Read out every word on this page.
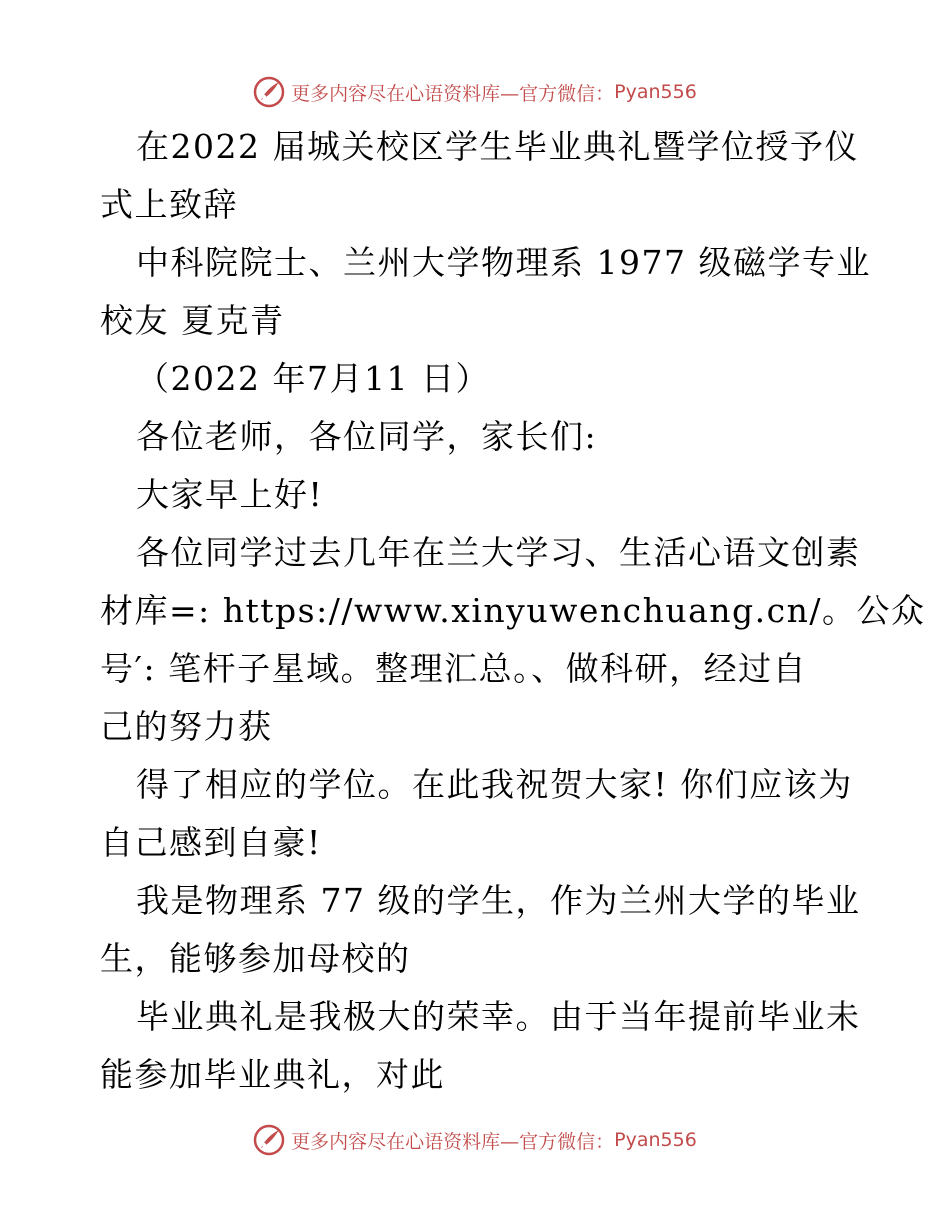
更多内容尽在心语资料库—官方微信： Pyan556
在2022 届城关校区学生毕业典礼暨学位授予仪
式上致辞
中科院院士、兰州大学物理系 1977 级磁学专业
校友 夏克青
（2022 年7月11 日）
各位老师，各位同学，家长们:
大家早上好!
各位同学过去几年在兰大学习、生活心语文创素
材库=: https://www.xinyuwenchuang.cn/。公众
号′: 笔杆子星域。整理汇总。、做科研，经过自
己的努力获
得了相应的学位。在此我祝贺大家! 你们应该为
自己感到自豪!
我是物理系 77 级的学生，作为兰州大学的毕业
生，能够参加母校的
毕业典礼是我极大的荣幸。由于当年提前毕业未
能参加毕业典礼，对此
更多内容尽在心语资料库—官方微信： Pyan556
